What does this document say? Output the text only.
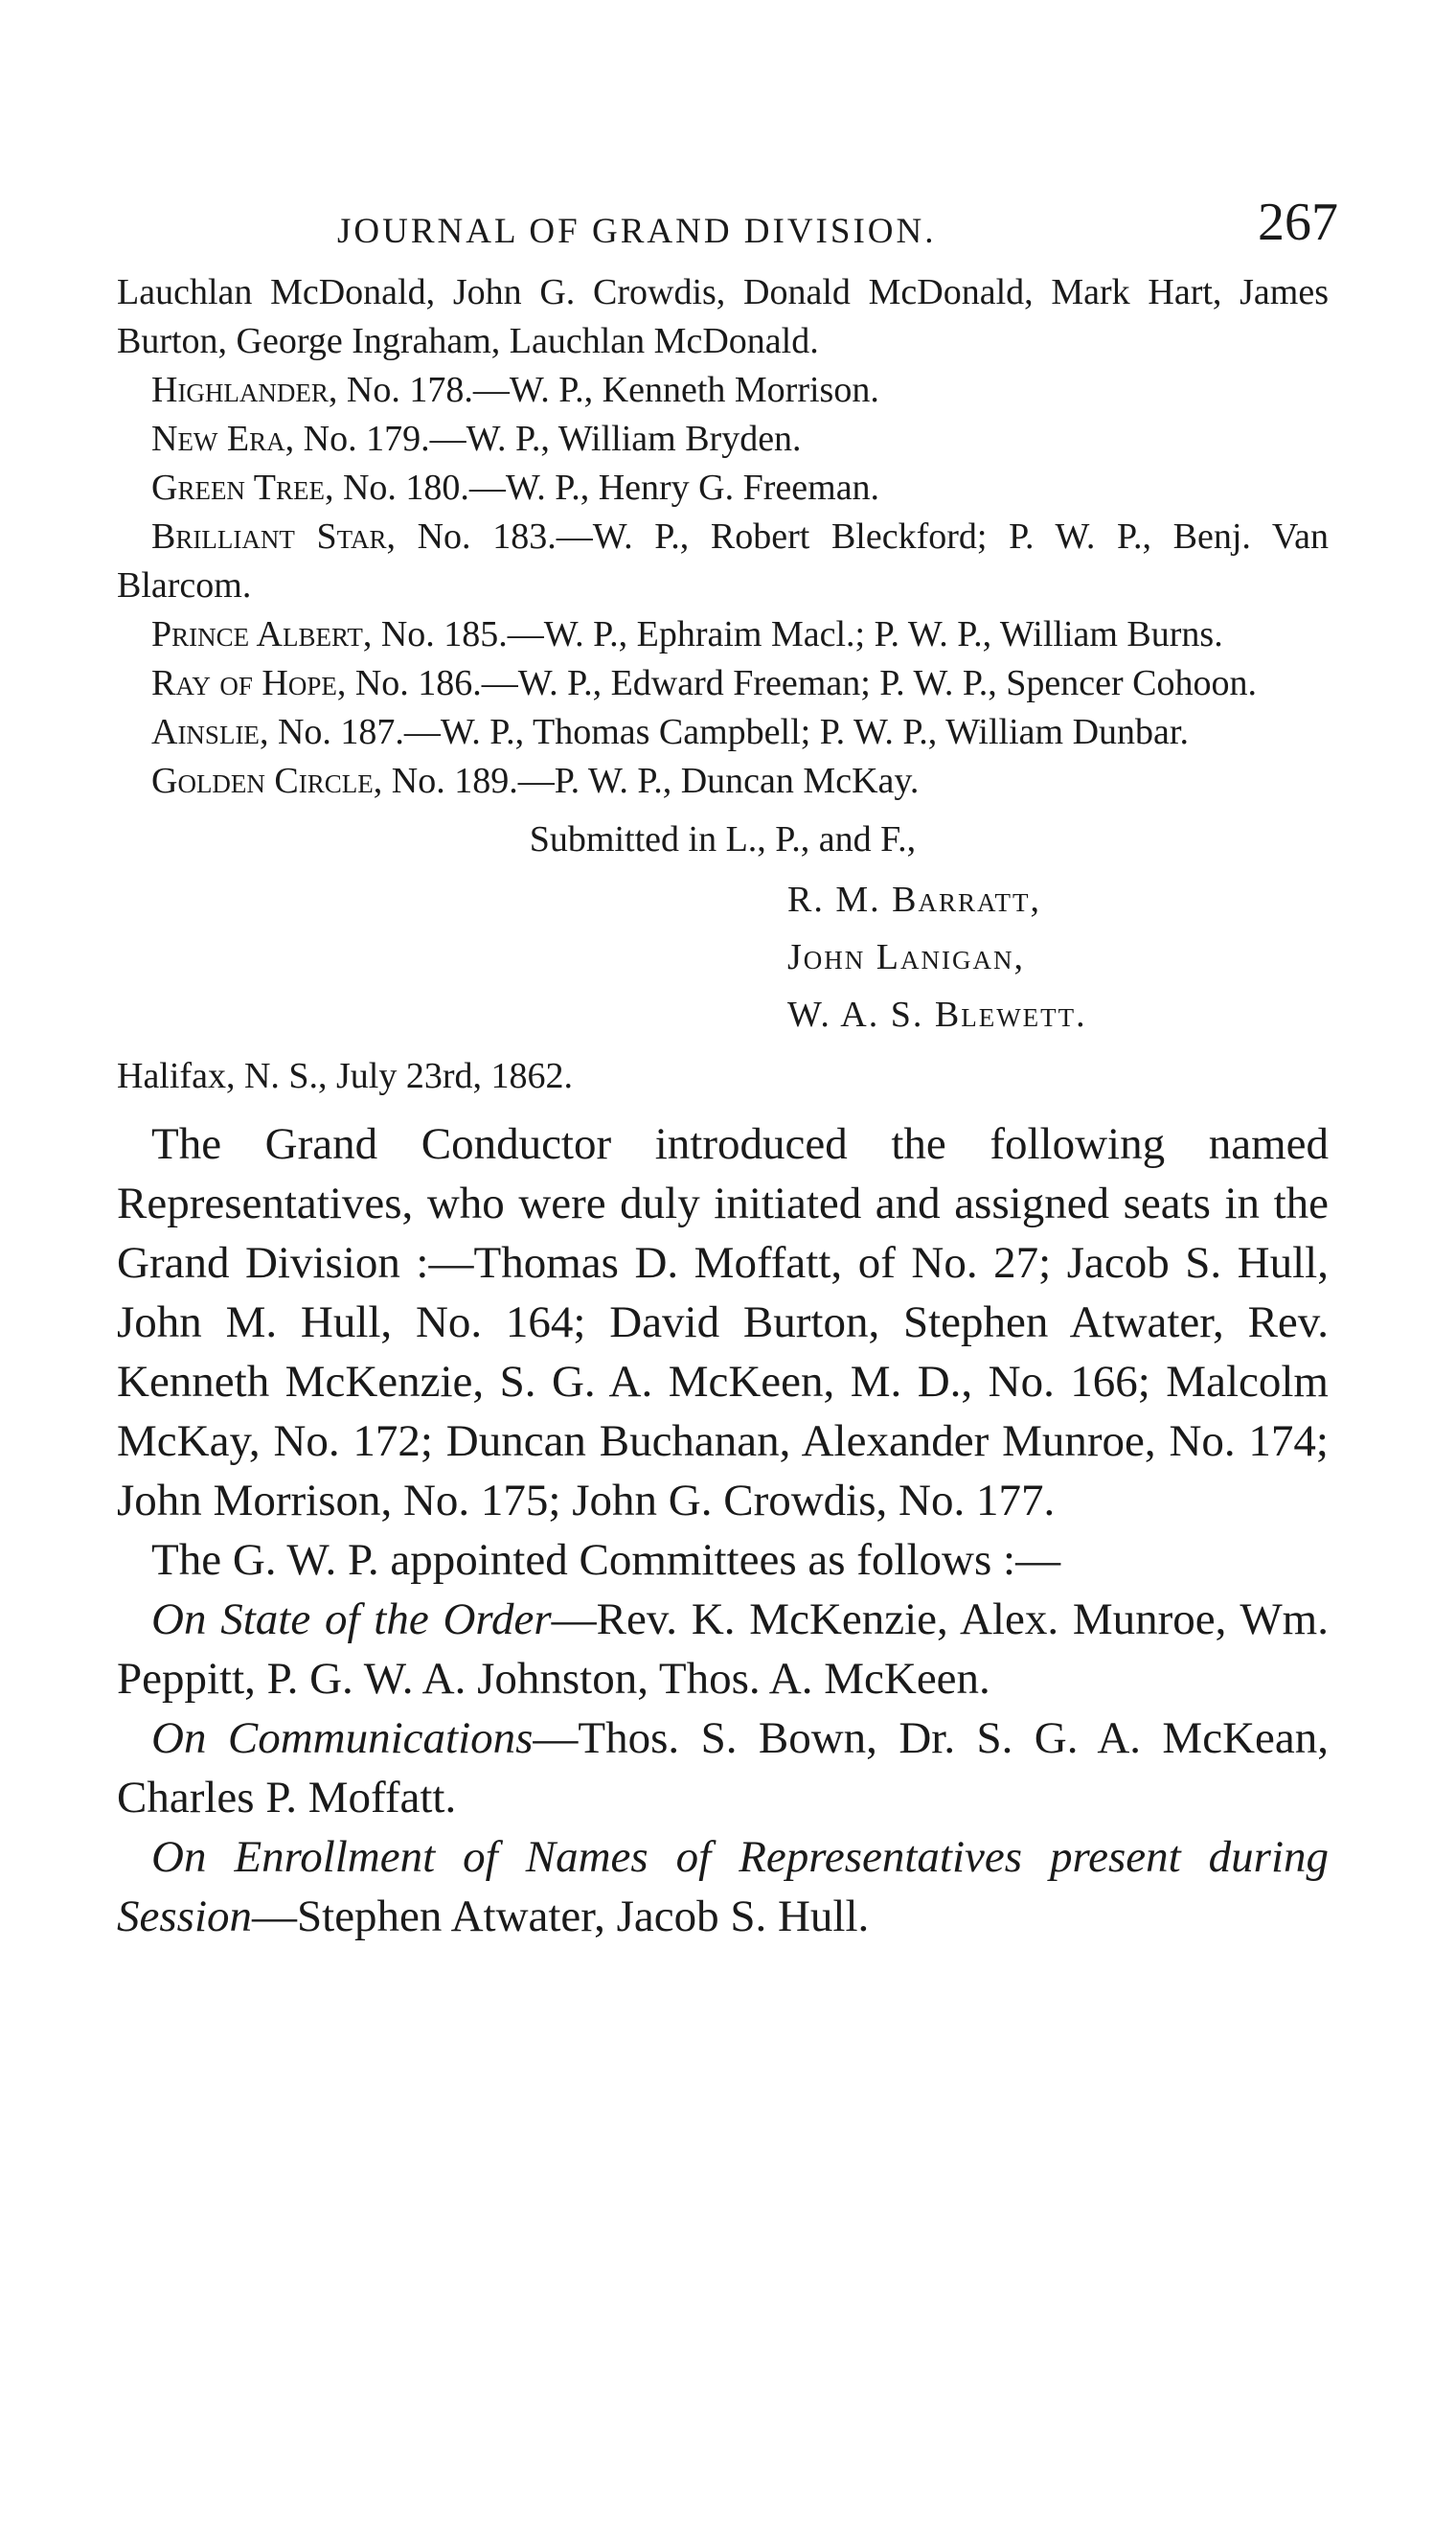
JOURNAL OF GRAND DIVISION.	267

Lauchlan McDonald, John G. Crowdis, Donald McDonald, Mark Hart, James Burton, George Ingraham, Lauchlan McDonald.

Highlander, No. 178.—W. P., Kenneth Morrison.

New Era, No. 179.—W. P., William Bryden.

Green Tree, No. 180.—W. P., Henry G. Freeman.

Brilliant Star, No. 183.—W. P., Robert Bleckford; P. W. P., Benj. Van Blarcom.

Prince Albert, No. 185.—W. P., Ephraim Macl.; P. W. P., William Burns.

Ray of Hope, No. 186.—W. P., Edward Freeman; P. W. P., Spencer Cohoon.

Ainslie, No. 187.—W. P., Thomas Campbell; P. W. P., William Dunbar.

Golden Circle, No. 189.—P. W. P., Duncan McKay.

Submitted in L., P., and F.,

R. M. Barratt,
John Lanigan,
W. A. S. Blewett.

Halifax, N. S., July 23rd, 1862.

The Grand Conductor introduced the following named Representatives, who were duly initiated and assigned seats in the Grand Division :—Thomas D. Moffatt, of No. 27; Jacob S. Hull, John M. Hull, No. 164; David Burton, Stephen Atwater, Rev. Kenneth McKenzie, S. G. A. McKeen, M. D., No. 166; Malcolm McKay, No. 172; Duncan Buchanan, Alexander Munroe, No. 174; John Morrison, No. 175; John G. Crowdis, No. 177.

The G. W. P. appointed Committees as follows :—

On State of the Order—Rev. K. McKenzie, Alex. Munroe, Wm. Peppitt, P. G. W. A. Johnston, Thos. A. McKeen.

On Communications—Thos. S. Bown, Dr. S. G. A. McKean, Charles P. Moffatt.

On Enrollment of Names of Representatives present during Session—Stephen Atwater, Jacob S. Hull.
